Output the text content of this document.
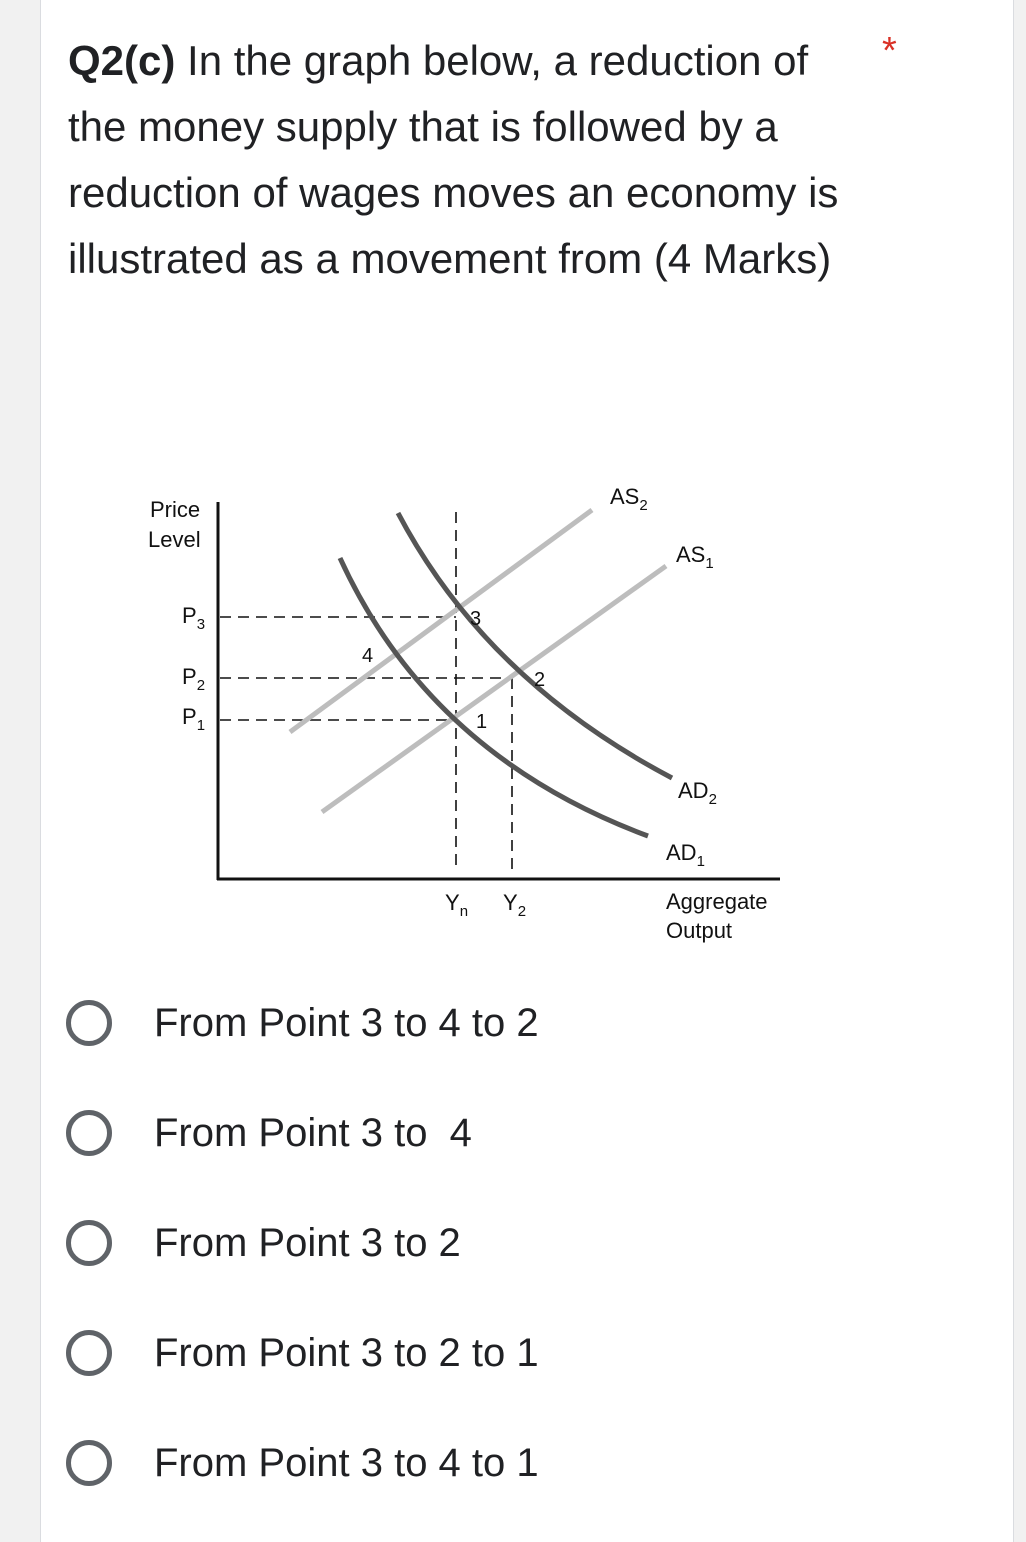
Q2(c) In the graph below, a reduction of the money supply that is followed by a reduction of wages moves an economy is illustrated as a movement from (4 Marks)
*
Price
Level
Aggregate
Output
$P_3$
$P_2$
$P_1$
$Y_n$ $Y_2$
$AS_2$
$AS_1$
$AD_2$
$AD_1$
1
2
3
4
From Point 3 to 4 to 2
From Point 3 to  4
From Point 3 to 2
From Point 3 to 2 to 1
From Point 3 to 4 to 1
